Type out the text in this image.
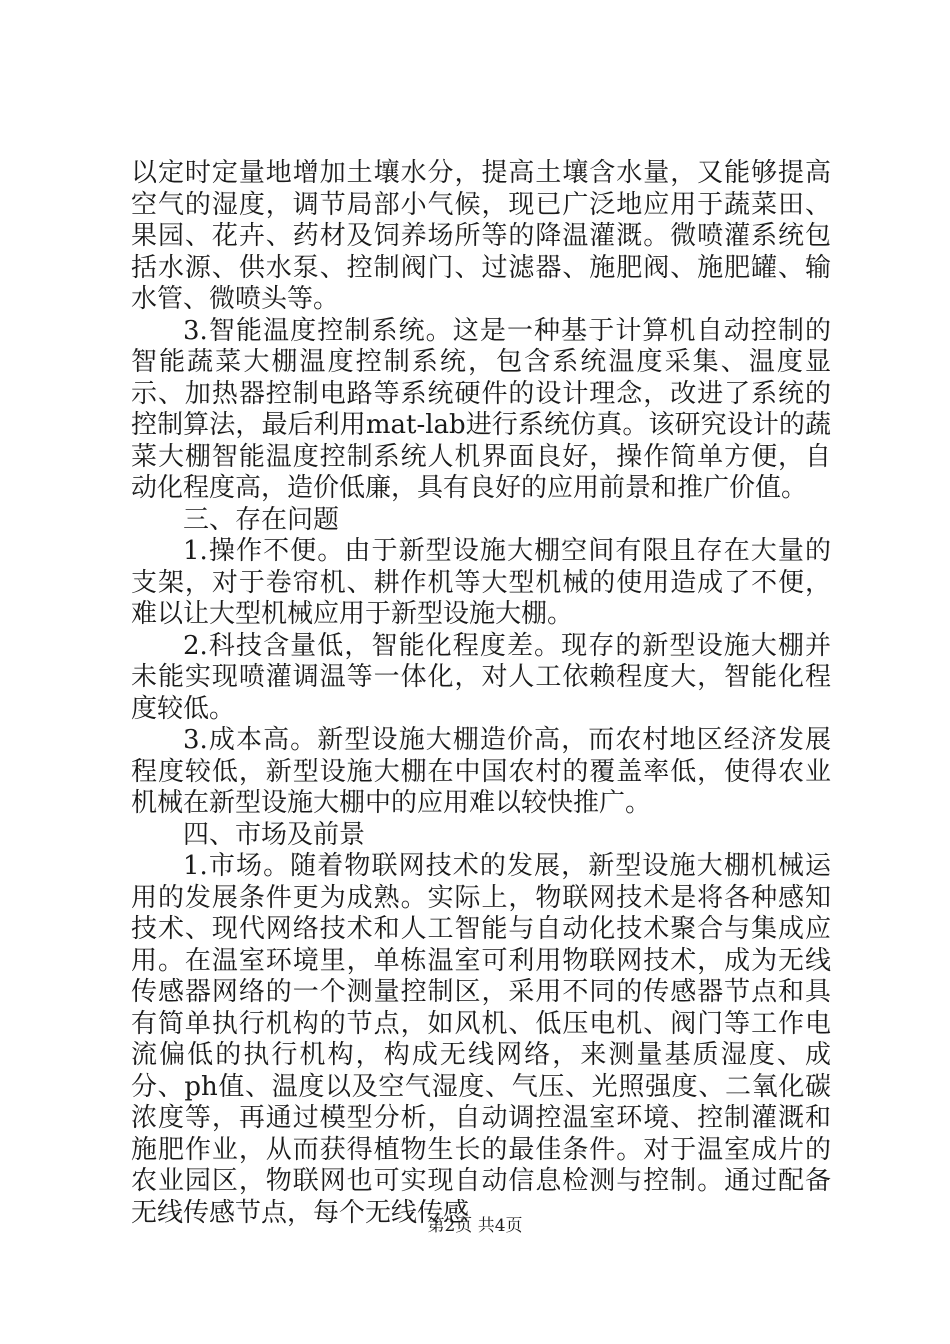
以定时定量地增加土壤水分，提高土壤含水量，又能够提高空气的湿度，调节局部小气候，现已广泛地应用于蔬菜田、果园、花卉、药材及饲养场所等的降温灌溉。微喷灌系统包括水源、供水泵、控制阀门、过滤器、施肥阀、施肥罐、输水管、微喷头等。

3.智能温度控制系统。这是一种基于计算机自动控制的智能蔬菜大棚温度控制系统，包含系统温度采集、温度显示、加热器控制电路等系统硬件的设计理念，改进了系统的控制算法，最后利用mat-lab进行系统仿真。该研究设计的蔬菜大棚智能温度控制系统人机界面良好，操作简单方便，自动化程度高，造价低廉，具有良好的应用前景和推广价值。

三、存在问题

1.操作不便。由于新型设施大棚空间有限且存在大量的支架，对于卷帘机、耕作机等大型机械的使用造成了不便，难以让大型机械应用于新型设施大棚。

2.科技含量低，智能化程度差。现存的新型设施大棚并未能实现喷灌调温等一体化，对人工依赖程度大，智能化程度较低。

3.成本高。新型设施大棚造价高，而农村地区经济发展程度较低，新型设施大棚在中国农村的覆盖率低，使得农业机械在新型设施大棚中的应用难以较快推广。

四、市场及前景

1.市场。随着物联网技术的发展，新型设施大棚机械运用的发展条件更为成熟。实际上，物联网技术是将各种感知技术、现代网络技术和人工智能与自动化技术聚合与集成应用。在温室环境里，单栋温室可利用物联网技术，成为无线传感器网络的一个测量控制区，采用不同的传感器节点和具有简单执行机构的节点，如风机、低压电机、阀门等工作电流偏低的执行机构，构成无线网络，来测量基质湿度、成分、ph值、温度以及空气湿度、气压、光照强度、二氧化碳浓度等，再通过模型分析，自动调控温室环境、控制灌溉和施肥作业，从而获得植物生长的最佳条件。对于温室成片的农业园区，物联网也可实现自动信息检测与控制。通过配备无线传感节点，每个无线传感

第2页 共4页
